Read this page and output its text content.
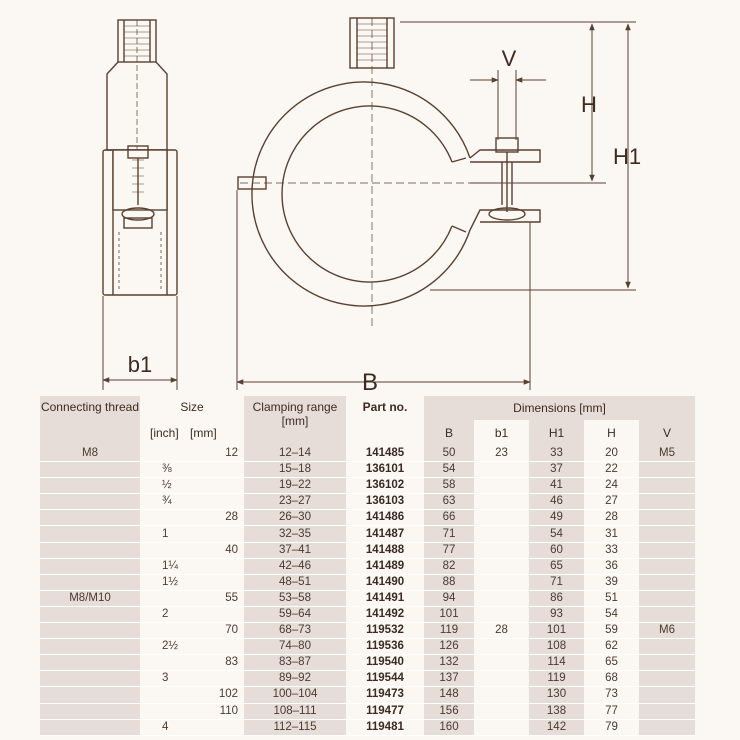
b1
V
H
H1
B
Connecting thread	Size		Clamping range [mm]	Part no.	Dimensions [mm]				
	[inch]	[mm]			B	b1	H1	H	V
M8		12	12–14	141485	50	23	33	20	M5
	⅜		15–18	136101	54		37	22	
	½		19–22	136102	58		41	24	
	¾		23–27	136103	63		46	27	
		28	26–30	141486	66		49	28	
	1		32–35	141487	71		54	31	
		40	37–41	141488	77		60	33	
	1¼		42–46	141489	82		65	36	
	1½		48–51	141490	88		71	39	
M8/M10		55	53–58	141491	94		86	51	
	2		59–64	141492	101		93	54	
		70	68–73	119532	119	28	101	59	M6
	2½		74–80	119536	126		108	62	
		83	83–87	119540	132		114	65	
	3		89–92	119544	137		119	68	
		102	100–104	119473	148		130	73	
		110	108–111	119477	156		138	77	
	4		112–115	119481	160		142	79	
